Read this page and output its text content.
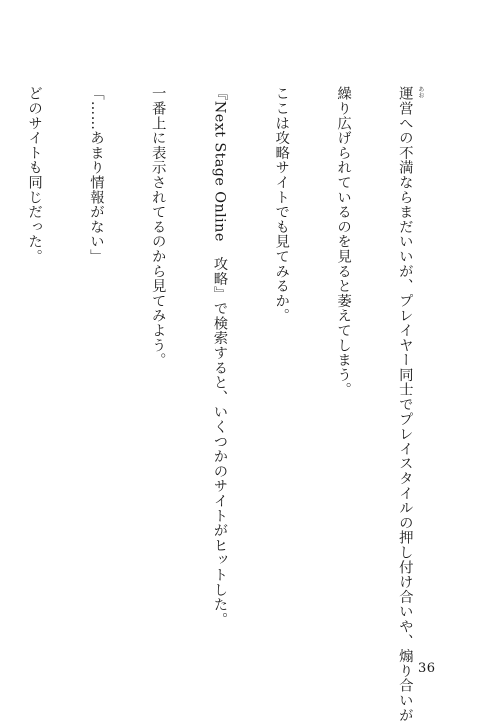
運営への不満ならまだいいが、プレイヤー同士でプレイスタイルの押し付け合いや、煽り合いが あお

繰り広げられているのを見ると萎えてしまう。

ここは攻略サイトでも見てみるか。

『Next Stage Online　攻略』で検索すると、いくつかのサイトがヒットした。

一番上に表示されてるのから見てみよう。

「……あまり情報がない」

どのサイトも同じだった。

36
